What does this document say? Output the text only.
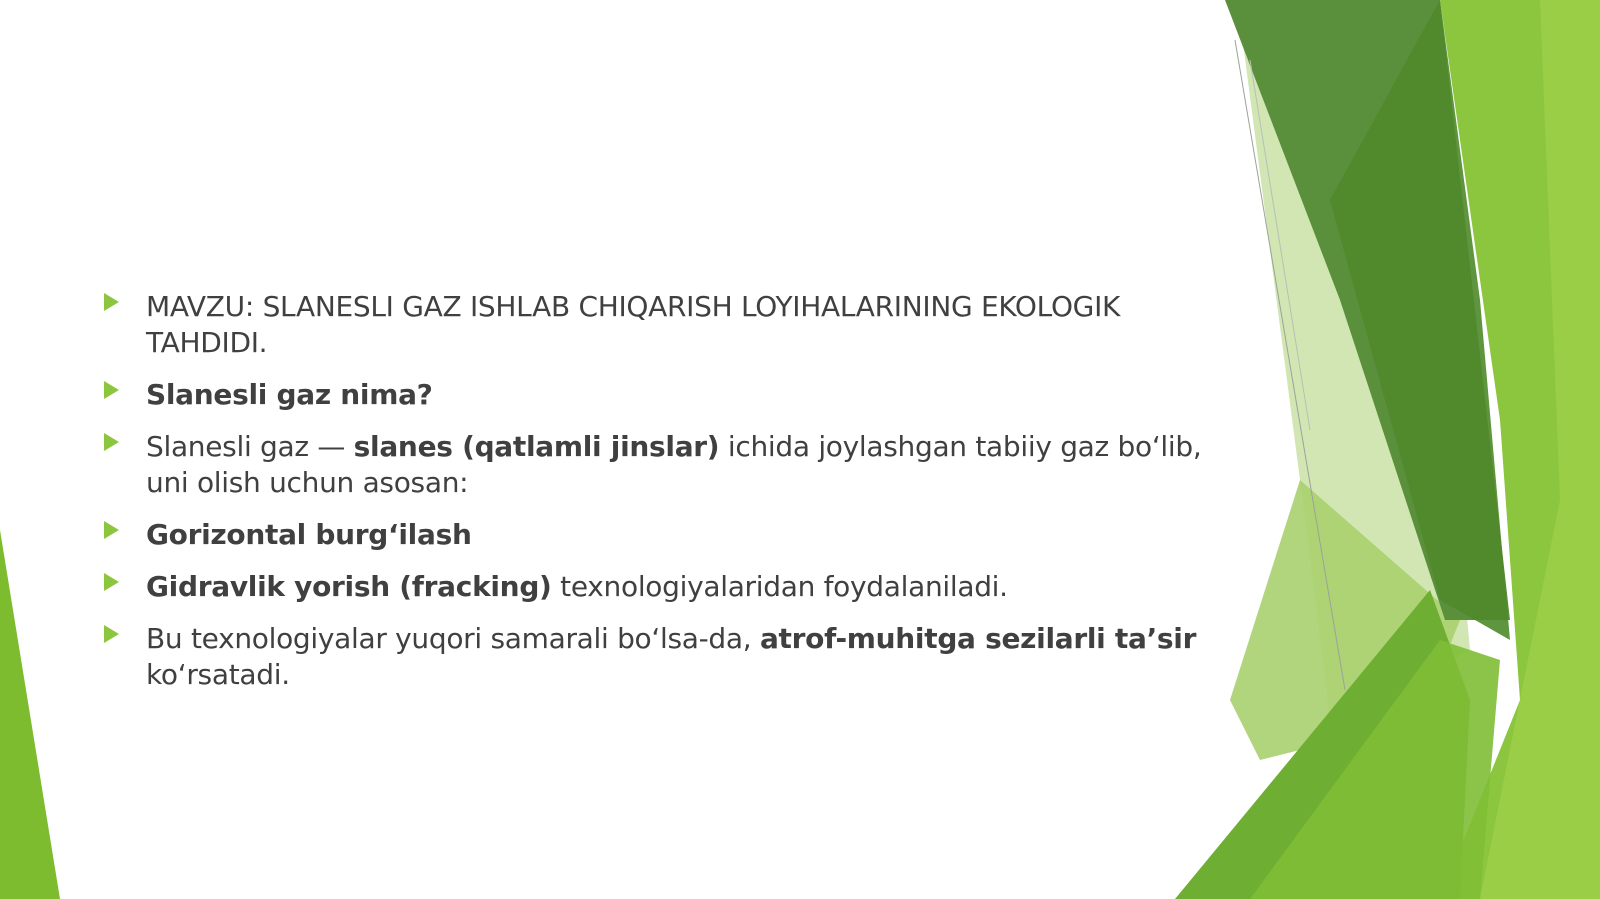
MAVZU: SLANESLI GAZ ISHLAB CHIQARISH LOYIHALARINING EKOLOGIK TAHDIDI.
Slanesli gaz nima?
Slanesli gaz — slanes (qatlamli jinslar) ichida joylashgan tabiiy gaz bo‘lib, uni olish uchun asosan:
Gorizontal burg‘ilash
Gidravlik yorish (fracking) texnologiyalaridan foydalaniladi.
Bu texnologiyalar yuqori samarali bo‘lsa-da, atrof-muhitga sezilarli ta’sir ko‘rsatadi.
